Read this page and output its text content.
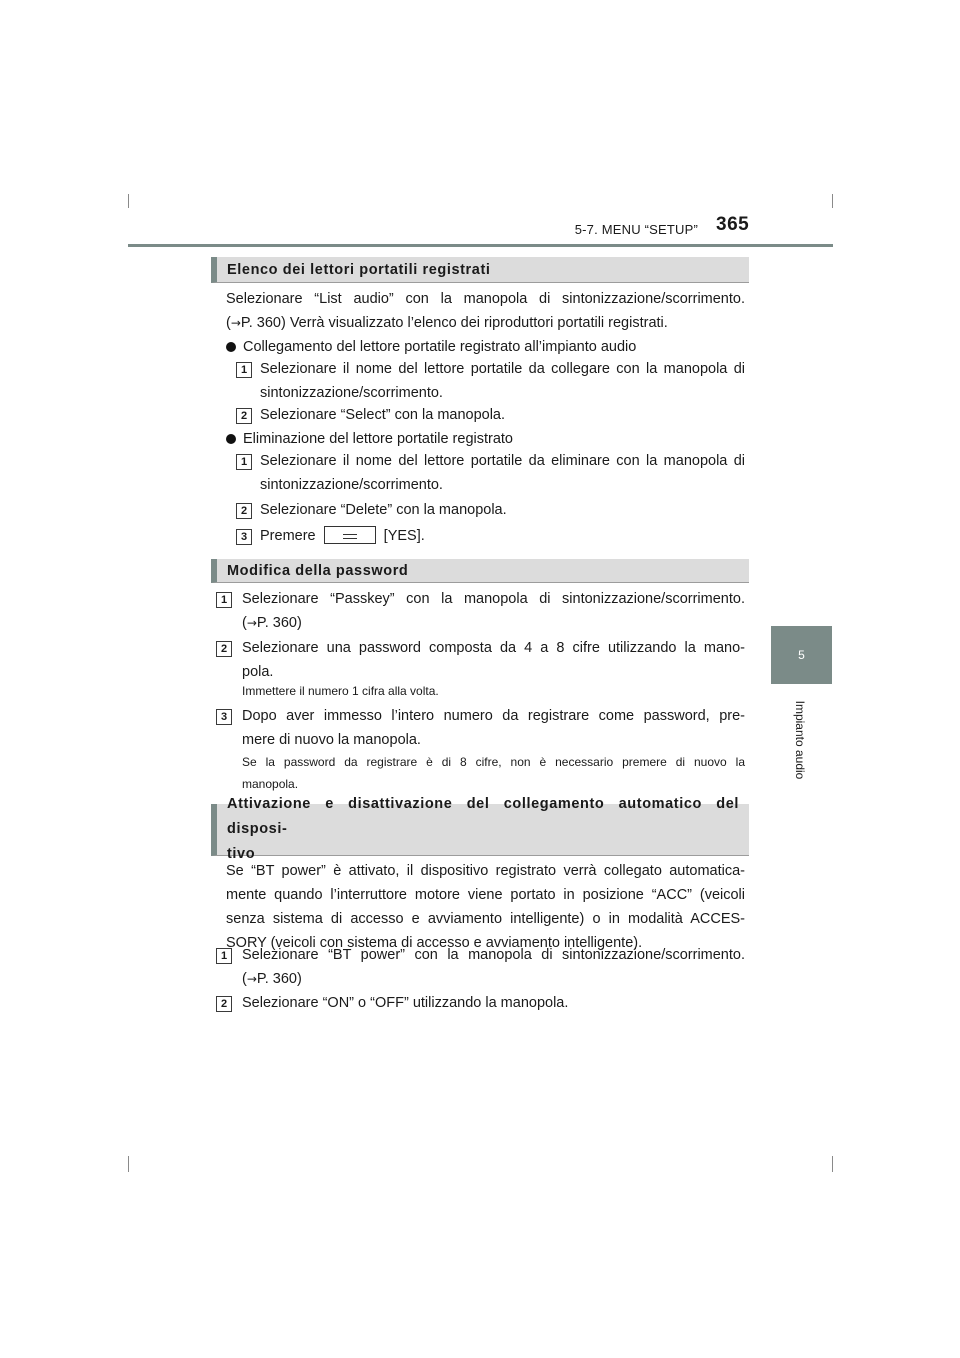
5-7. MENU “SETUP” 365
5
Impianto audio
Elenco dei lettori portatili registrati
Selezionare “List audio” con la manopola di sintonizzazione/scorrimento.
(→P. 360) Verrà visualizzato l’elenco dei riproduttori portatili registrati.
Collegamento del lettore portatile registrato all’impianto audio
1 Selezionare il nome del lettore portatile da collegare con la manopola di
sintonizzazione/scorrimento.
2 Selezionare “Select” con la manopola.
Eliminazione del lettore portatile registrato
1 Selezionare il nome del lettore portatile da eliminare con la manopola di
sintonizzazione/scorrimento.
2 Selezionare “Delete” con la manopola.
3 Premere	[YES].
Modifica della password
1	Selezionare “Passkey” con la manopola di sintonizzazione/scorrimento.
(→P. 360)
2	Selezionare una password composta da 4 a 8 cifre utilizzando la mano-
pola.
Immettere il numero 1 cifra alla volta.
3	Dopo aver immesso l’intero numero da registrare come password, pre-
mere di nuovo la manopola.
Se la password da registrare è di 8 cifre, non è necessario premere di nuovo la
manopola.
Attivazione e disattivazione del collegamento automatico del disposi-
tivo
Se “BT power” è attivato, il dispositivo registrato verrà collegato automatica-
mente quando l’interruttore motore viene portato in posizione “ACC” (veicoli
senza sistema di accesso e avviamento intelligente) o in modalità ACCES-
SORY (veicoli con sistema di accesso e avviamento intelligente).
1	Selezionare “BT power” con la manopola di sintonizzazione/scorrimento.
(→P. 360)
2	Selezionare “ON” o “OFF” utilizzando la manopola.
